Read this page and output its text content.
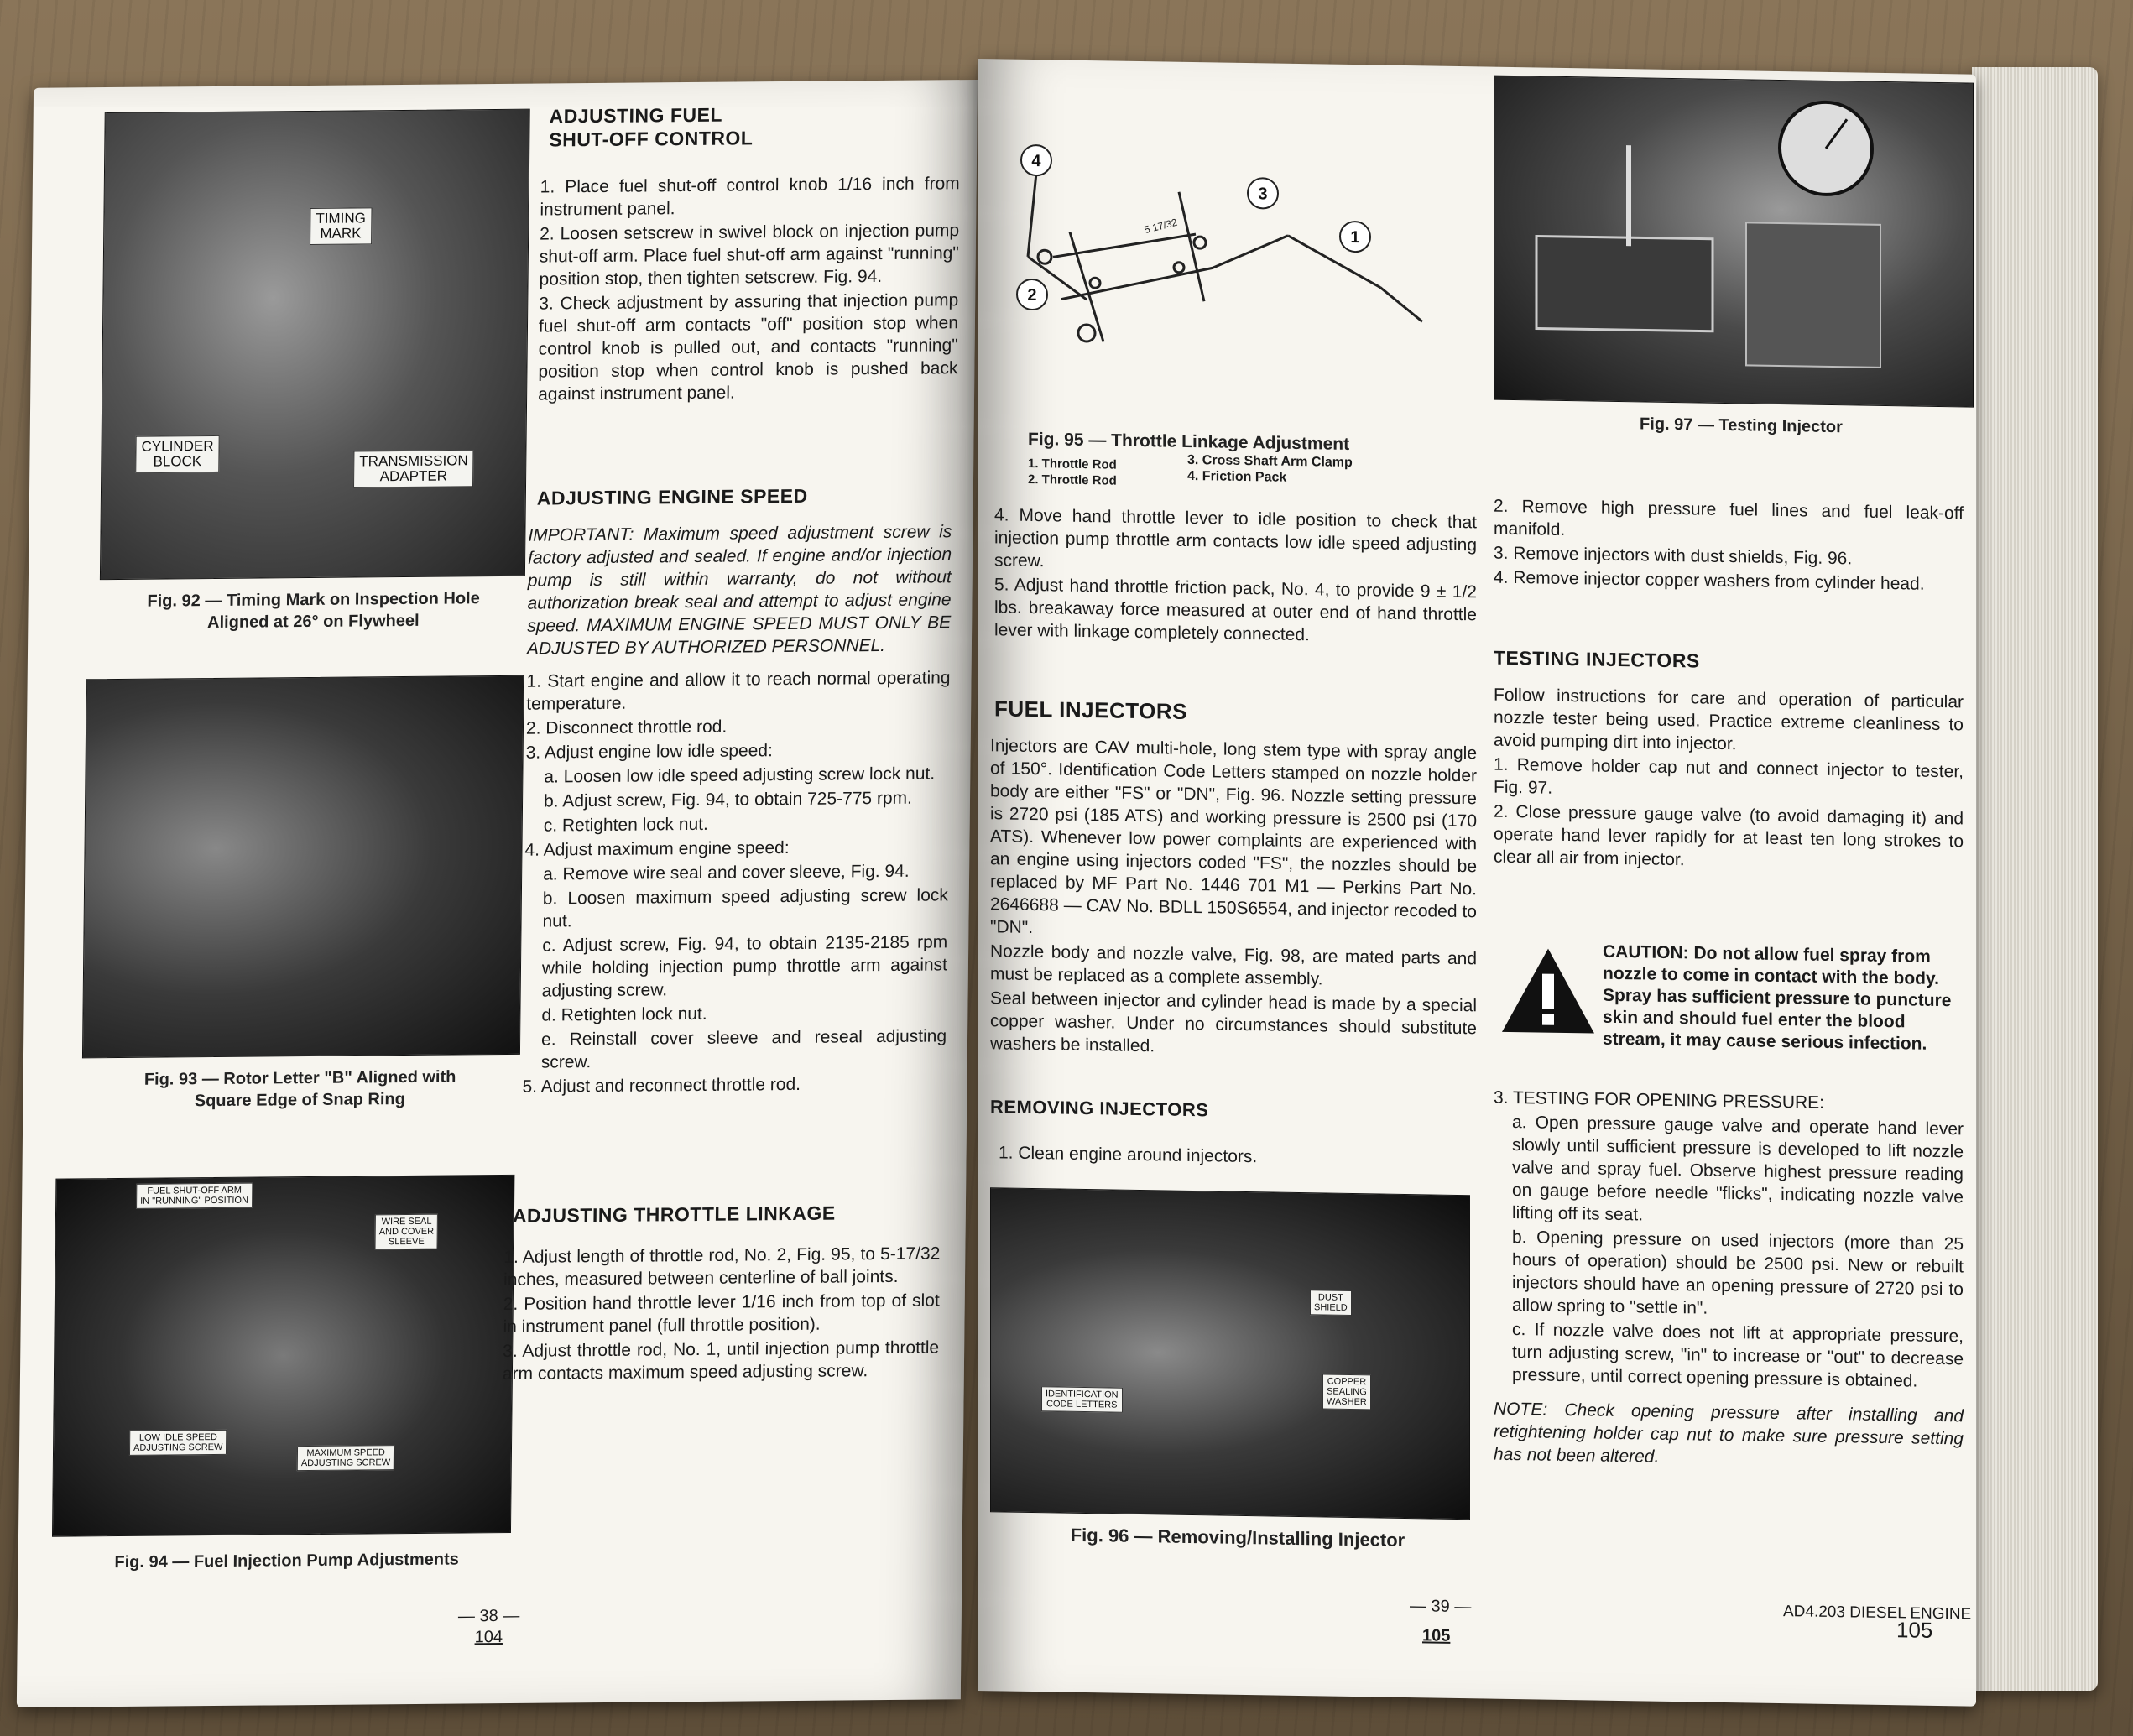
TIMING
MARK
CYLINDER
BLOCK	TRANSMISSION
ADAPTER
Fig. 92 — Timing Mark on Inspection Hole
Aligned at 26° on Flywheel
Fig. 93 — Rotor Letter "B" Aligned with
Square Edge of Snap Ring
FUEL SHUT-OFF ARM
IN "RUNNING" POSITION
WIRE SEAL
AND COVER
SLEEVE
LOW IDLE SPEED
ADJUSTING SCREW	MAXIMUM SPEED
ADJUSTING SCREW
Fig. 94 — Fuel Injection Pump Adjustments
ADJUSTING FUEL
SHUT-OFF CONTROL

1. Place fuel shut-off control knob 1/16 inch from instrument panel.

2. Loosen setscrew in swivel block on injection pump shut-off arm. Place fuel shut-off arm against "running" position stop, then tighten setscrew. Fig. 94.

3. Check adjustment by assuring that injection pump fuel shut-off arm contacts "off" position stop when control knob is pulled out, and contacts "running" position stop when control knob is pushed back against instrument panel.

ADJUSTING ENGINE SPEED

IMPORTANT: Maximum speed adjustment screw is factory adjusted and sealed. If engine and/or injection pump is still within warranty, do not without authorization break seal and attempt to adjust engine speed. MAXIMUM ENGINE SPEED MUST ONLY BE ADJUSTED BY AUTHORIZED PERSONNEL.

1. Start engine and allow it to reach normal operating temperature.

2. Disconnect throttle rod.

3. Adjust engine low idle speed:

a. Loosen low idle speed adjusting screw lock nut.

b. Adjust screw, Fig. 94, to obtain 725-775 rpm.

c. Retighten lock nut.

4. Adjust maximum engine speed:

a. Remove wire seal and cover sleeve, Fig. 94.

b. Loosen maximum speed adjusting screw lock nut.

c. Adjust screw, Fig. 94, to obtain 2135-2185 rpm while holding injection pump throttle arm against adjusting screw.

d. Retighten lock nut.

e. Reinstall cover sleeve and reseal adjusting screw.

5. Adjust and reconnect throttle rod.

ADJUSTING THROTTLE LINKAGE

1. Adjust length of throttle rod, No. 2, Fig. 95, to 5-17/32 inches, measured between centerline of ball joints.

2. Position hand throttle lever 1/16 inch from top of slot in instrument panel (full throttle position).

3. Adjust throttle rod, No. 1, until injection pump throttle arm contacts maximum speed adjusting screw.

— 38 —
104
4
2
3
1
5 17/32
Fig. 95 — Throttle Linkage Adjustment
1. Throttle Rod
2. Throttle Rod
3. Cross Shaft Arm Clamp
4. Friction Pack
Fig. 97 — Testing Injector

4. Move hand throttle lever to idle position to check that injection pump throttle arm contacts low idle speed adjusting screw.

5. Adjust hand throttle friction pack, No. 4, to provide 9 ± 1/2 lbs. breakaway force measured at outer end of hand throttle lever with linkage completely connected.

FUEL INJECTORS

Injectors are CAV multi-hole, long stem type with spray angle of 150°. Identification Code Letters stamped on nozzle holder body are either "FS" or "DN", Fig. 96. Nozzle setting pressure is 2720 psi (185 ATS) and working pressure is 2500 psi (170 ATS). Whenever low power complaints are experienced with an engine using injectors coded "FS", the nozzles should be replaced by MF Part No. 1446 701 M1 — Perkins Part No. 2646688 — CAV No. BDLL 150S6554, and injector recoded to "DN".

Nozzle body and nozzle valve, Fig. 98, are mated parts and must be replaced as a complete assembly.

Seal between injector and cylinder head is made by a special copper washer. Under no circumstances should substitute washers be installed.

REMOVING INJECTORS
1. Clean engine around injectors.
DUST
SHIELD
IDENTIFICATION
CODE LETTERS
COPPER
SEALING
WASHER
Fig. 96 — Removing/Installing Injector

2. Remove high pressure fuel lines and fuel leak-off manifold.

3. Remove injectors with dust shields, Fig. 96.

4. Remove injector copper washers from cylinder head.

TESTING INJECTORS

Follow instructions for care and operation of particular nozzle tester being used. Practice extreme cleanliness to avoid pumping dirt into injector.

1. Remove holder cap nut and connect injector to tester, Fig. 97.

2. Close pressure gauge valve (to avoid damaging it) and operate hand lever rapidly for at least ten long strokes to clear all air from injector.

CAUTION: Do not allow fuel spray from nozzle to come in contact with the body. Spray has sufficient pressure to puncture skin and should fuel enter the blood stream, it may cause serious infection.

3. TESTING FOR OPENING PRESSURE:

a. Open pressure gauge valve and operate hand lever slowly until sufficient pressure is developed to lift nozzle valve and spray fuel. Observe highest pressure reading on gauge before needle "flicks", indicating nozzle valve lifting off its seat.

b. Opening pressure on used injectors (more than 25 hours of operation) should be 2500 psi. New or rebuilt injectors should have an opening pressure of 2720 psi to allow spring to "settle in".

c. If nozzle valve does not lift at appropriate pressure, turn adjusting screw, "in" to increase or "out" to decrease pressure, until correct opening pressure is obtained.

NOTE: Check opening pressure after installing and retightening holder cap nut to make sure pressure setting has not been altered.

— 39 —
105
AD4.203 DIESEL ENGINE
105
